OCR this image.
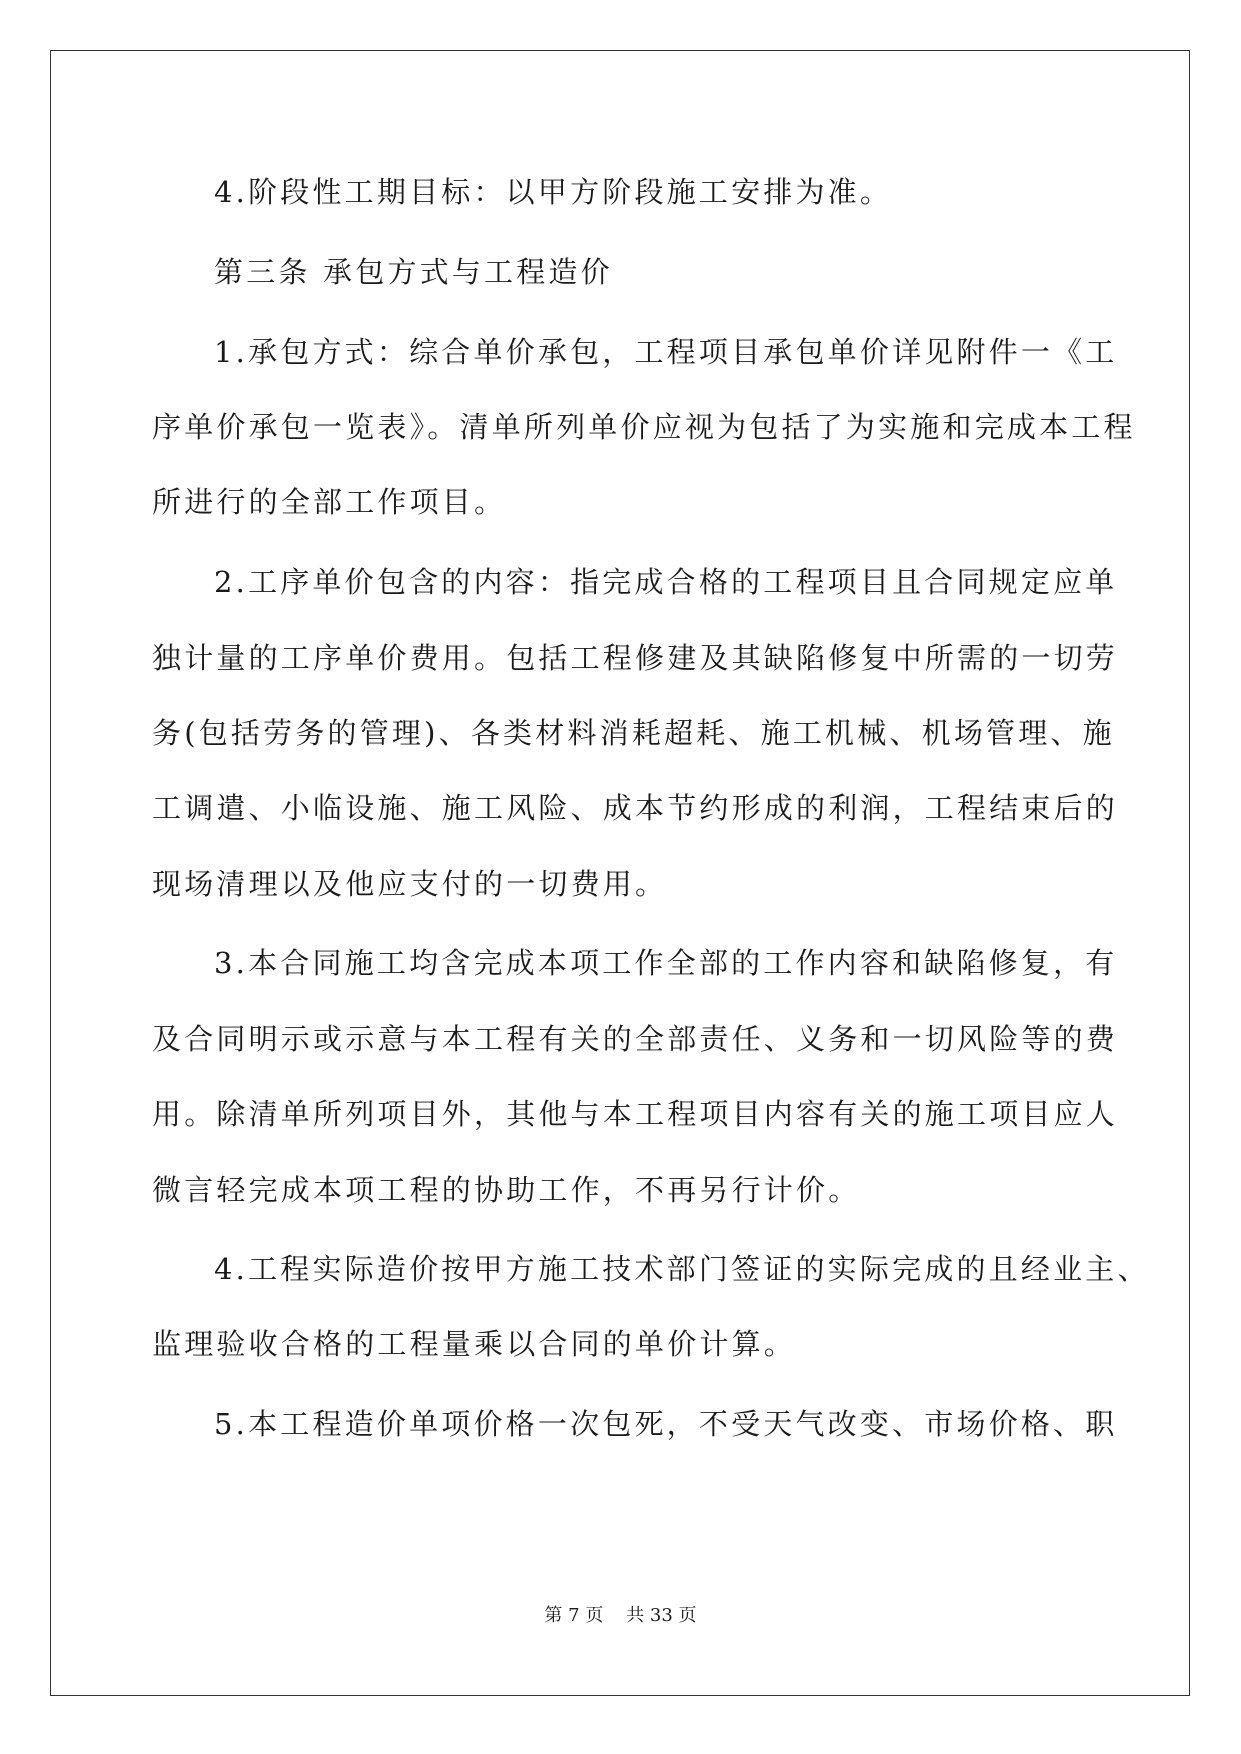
4.阶段性工期目标：以甲方阶段施工安排为准。
第三条 承包方式与工程造价
1.承包方式：综合单价承包，工程项目承包单价详见附件一《工
序单价承包一览表》。清单所列单价应视为包括了为实施和完成本工程
所进行的全部工作项目。
2.工序单价包含的内容：指完成合格的工程项目且合同规定应单
独计量的工序单价费用。包括工程修建及其缺陷修复中所需的一切劳
务(包括劳务的管理)、各类材料消耗超耗、施工机械、机场管理、施
工调遣、小临设施、施工风险、成本节约形成的利润，工程结束后的
现场清理以及他应支付的一切费用。
3.本合同施工均含完成本项工作全部的工作内容和缺陷修复，有
及合同明示或示意与本工程有关的全部责任、义务和一切风险等的费
用。除清单所列项目外，其他与本工程项目内容有关的施工项目应人
微言轻完成本项工程的协助工作，不再另行计价。
4.工程实际造价按甲方施工技术部门签证的实际完成的且经业主、
监理验收合格的工程量乘以合同的单价计算。
5.本工程造价单项价格一次包死，不受天气改变、市场价格、职
第 7 页    共 33 页
